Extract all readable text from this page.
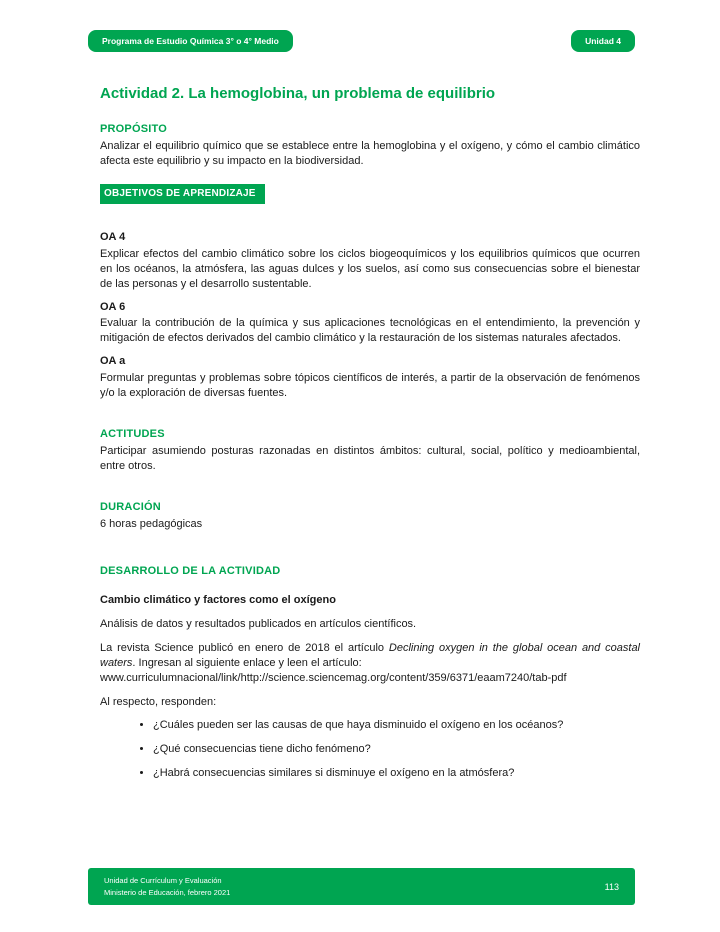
Programa de Estudio Química 3° o 4° Medio	Unidad 4
Actividad 2. La hemoglobina, un problema de equilibrio
PROPÓSITO

Analizar el equilibrio químico que se establece entre la hemoglobina y el oxígeno, y cómo el cambio climático afecta este equilibrio y su impacto en la biodiversidad.

OBJETIVOS DE APRENDIZAJE
OA 4

Explicar efectos del cambio climático sobre los ciclos biogeoquímicos y los equilibrios químicos que ocurren en los océanos, la atmósfera, las aguas dulces y los suelos, así como sus consecuencias sobre el bienestar de las personas y el desarrollo sustentable.

OA 6

Evaluar la contribución de la química y sus aplicaciones tecnológicas en el entendimiento, la prevención y mitigación de efectos derivados del cambio climático y la restauración de los sistemas naturales afectados.

OA a

Formular preguntas y problemas sobre tópicos científicos de interés, a partir de la observación de fenómenos y/o la exploración de diversas fuentes.

ACTITUDES

Participar asumiendo posturas razonadas en distintos ámbitos: cultural, social, político y medioambiental, entre otros.

DURACIÓN

6 horas pedagógicas

DESARROLLO DE LA ACTIVIDAD
Cambio climático y factores como el oxígeno

Análisis de datos y resultados publicados en artículos científicos.

La revista Science publicó en enero de 2018 el artículo Declining oxygen in the global ocean and coastal waters. Ingresan al siguiente enlace y leen el artículo:
www.curriculumnacional/link/http://science.sciencemag.org/content/359/6371/eaam7240/tab-pdf

Al respecto, responden:

• ¿Cuáles pueden ser las causas de que haya disminuido el oxígeno en los océanos?
• ¿Qué consecuencias tiene dicho fenómeno?
• ¿Habrá consecuencias similares si disminuye el oxígeno en la atmósfera?
Unidad de Currículum y Evaluación
Ministerio de Educación, febrero 2021
113
